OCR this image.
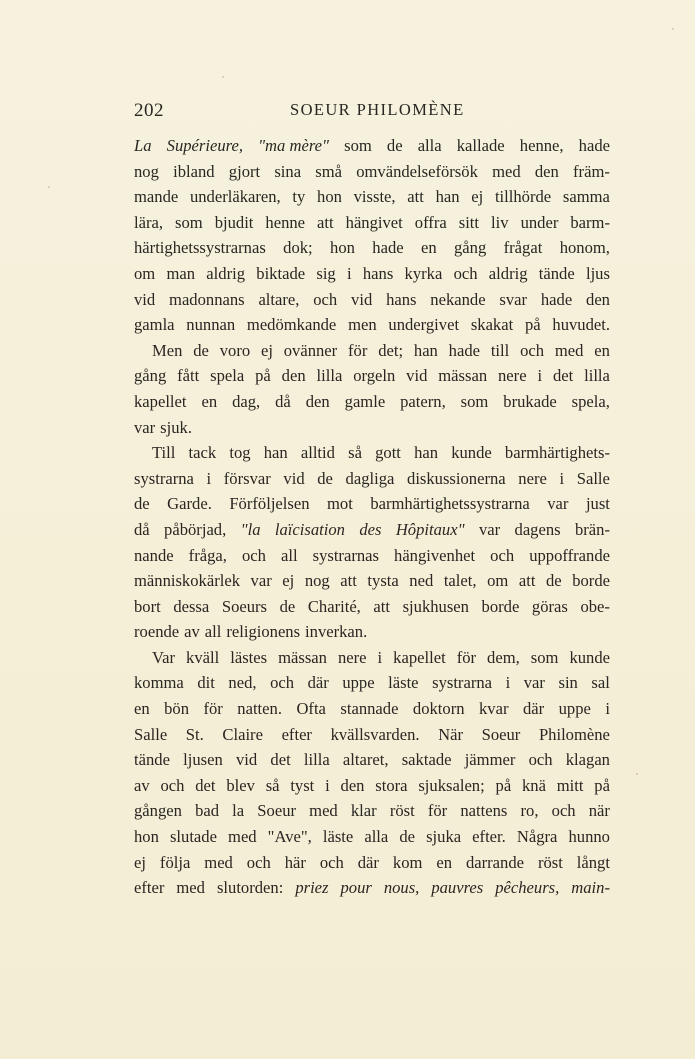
202	SOEUR PHILOMÈNE
La Supérieure, "ma mère" som de alla kallade henne, hade
nog ibland gjort sina små omvändelseförsök med den främ-
mande underläkaren, ty hon visste, att han ej tillhörde samma
lära, som bjudit henne att hängivet offra sitt liv under barm-
härtighetssystrarnas dok; hon hade en gång frågat honom,
om man aldrig biktade sig i hans kyrka och aldrig tände ljus
vid madonnans altare, och vid hans nekande svar hade den
gamla nunnan medömkande men undergivet skakat på huvudet.
Men de voro ej ovänner för det; han hade till och med en
gång fått spela på den lilla orgeln vid mässan nere i det lilla
kapellet en dag, då den gamle patern, som brukade spela,
var sjuk.
Till tack tog han alltid så gott han kunde barmhärtighets-
systrarna i försvar vid de dagliga diskussionerna nere i Salle
de Garde. Förföljelsen mot barmhärtighetssystrarna var just
då påbörjad, "la laïcisation des Hôpitaux" var dagens brän-
nande fråga, och all systrarnas hängivenhet och uppoffrande
människokärlek var ej nog att tysta ned talet, om att de borde
bort dessa Soeurs de Charité, att sjukhusen borde göras obe-
roende av all religionens inverkan.
Var kväll lästes mässan nere i kapellet för dem, som kunde
komma dit ned, och där uppe läste systrarna i var sin sal
en bön för natten. Ofta stannade doktorn kvar där uppe i
Salle St. Claire efter kvällsvarden. När Soeur Philomène
tände ljusen vid det lilla altaret, saktade jämmer och klagan
av och det blev så tyst i den stora sjuksalen; på knä mitt på
gången bad la Soeur med klar röst för nattens ro, och när
hon slutade med "Ave", läste alla de sjuka efter. Några hunno
ej följa med och här och där kom en darrande röst långt
efter med slutorden: priez pour nous, pauvres pêcheurs, main-
